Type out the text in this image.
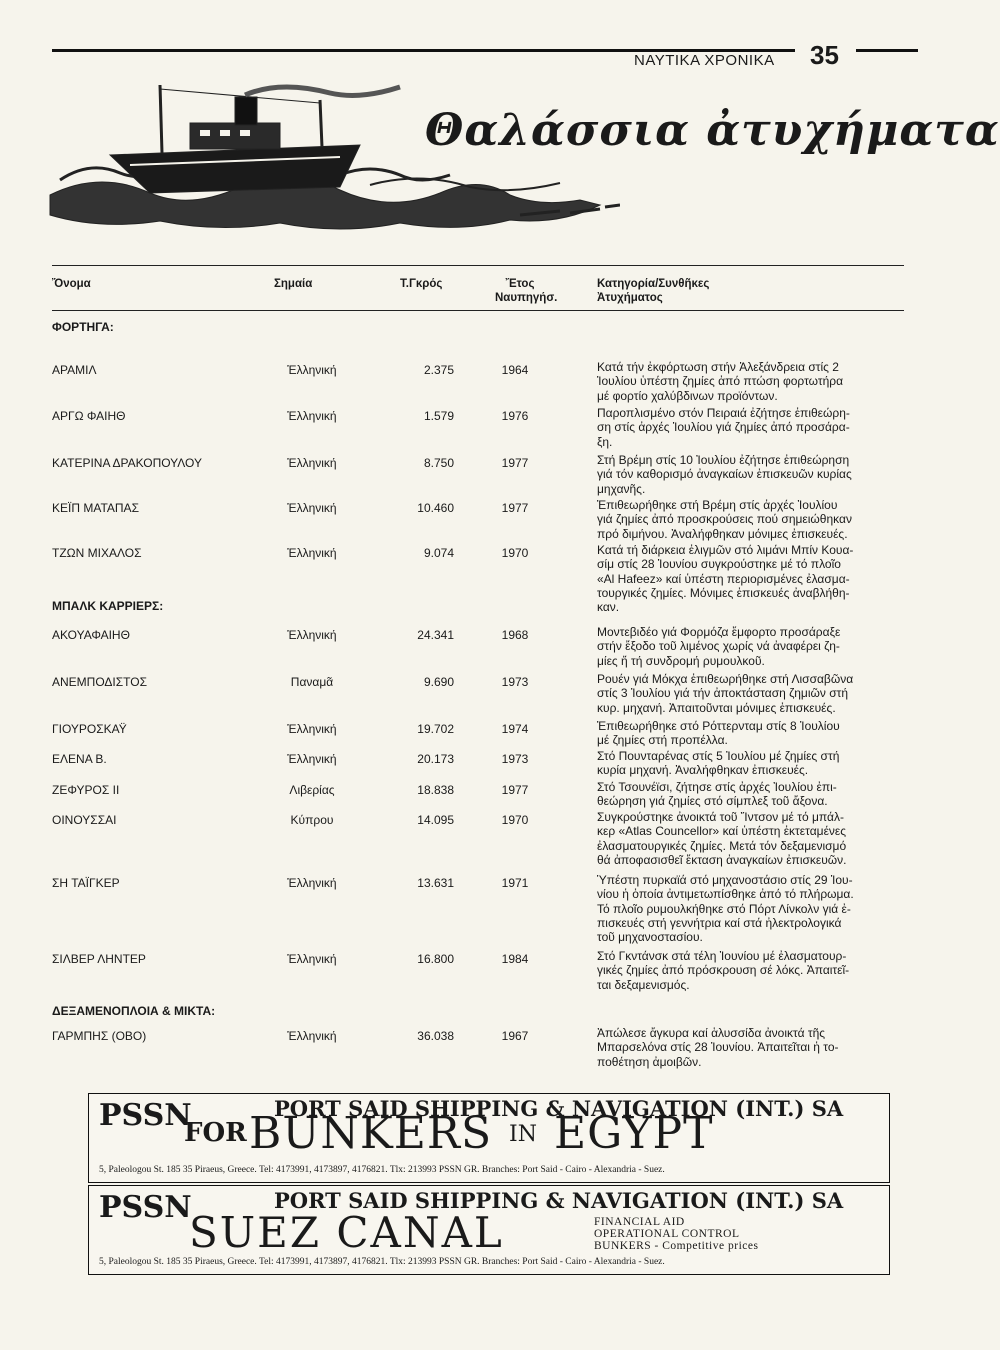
ΝΑΥΤΙΚΑ ΧΡΟΝΙΚΑ 35
Θαλάσσια ἀτυχήματα
Ὄνομα	Σημαία	Τ.Γκρός	Ἔτος
Ναυπηγήσ.
Κατηγορία/Συνθῆκες
Ἀτυχήματος
ΦΟΡΤΗΓΑ:
ΑΡΑΜΙΛ	Ἑλληνική	2.375	1964	Κατά τήν ἐκφόρτωση στήν Ἀλεξάνδρεια στίς 2
Ἰουλίου ὑπέστη ζημίες ἀπό πτώση φορτωτήρα
μέ φορτίο χαλύβδινων προϊόντων.
ΑΡΓΩ ΦΑΙΗΘ	Ἑλληνική	1.579	1976	Παροπλισμένο στόν Πειραιά ἐζήτησε ἐπιθεώρη-
ση στίς ἀρχές Ἰουλίου γιά ζημίες ἀπό προσάρα-
ξη.
ΚΑΤΕΡΙΝΑ ΔΡΑΚΟΠΟΥΛΟΥ	Ἑλληνική	8.750	1977	Στή Βρέμη στίς 10 Ἰουλίου ἐζήτησε ἐπιθεώρηση
γιά τόν καθορισμό ἀναγκαίων ἐπισκευῶν κυρίας
μηχανῆς.
ΚΕΪΠ ΜΑΤΑΠΑΣ	Ἑλληνική	10.460	1977	Ἐπιθεωρήθηκε στή Βρέμη στίς ἀρχές Ἰουλίου
γιά ζημίες ἀπό προσκρούσεις πού σημειώθηκαν
πρό διμήνου. Ἀναλήφθηκαν μόνιμες ἐπισκευές.
ΤΖΩΝ ΜΙΧΑΛΟΣ	Ἑλληνική	9.074	1970	Κατά τή διάρκεια ἐλιγμῶν στό λιμάνι Μπίν Κουα-
σίμ στίς 28 Ἰουνίου συγκρούστηκε μέ τό πλοῖο
«Al Hafeez» καί ὑπέστη περιορισμένες ἐλασμα-
τουργικές ζημίες. Μόνιμες ἐπισκευές ἀναβλήθη-
καν.
ΜΠΑΛΚ ΚΑΡΡΙΕΡΣ:
ΑΚΟΥΑΦΑΙΗΘ	Ἑλληνική	24.341	1968	Μοντεβιδέο γιά Φορμόζα ἔμφορτο προσάραξε
στήν ἔξοδο τοῦ λιμένος χωρίς νά ἀναφέρει ζη-
μίες ἤ τή συνδρομή ρυμουλκοῦ.
ΑΝΕΜΠΟΔΙΣΤΟΣ	Παναμᾶ	9.690	1973	Ρουέν γιά Μόκχα ἐπιθεωρήθηκε στή Λισσαβῶνα
στίς 3 Ἰουλίου γιά τήν ἀποκτάσταση ζημιῶν στή
κυρ. μηχανή. Ἀπαιτοῦνται μόνιμες ἐπισκευές.
ΓΙΟΥΡΟΣΚΑΫ	Ἑλληνική	19.702	1974	Ἐπιθεωρήθηκε στό Ρόττερνταμ στίς 8 Ἰουλίου
μέ ζημίες στή προπέλλα.
ΕΛΕΝΑ Β.	Ἑλληνική	20.173	1973	Στό Πουνταρένας στίς 5 Ἰουλίου μέ ζημίες στή
κυρία μηχανή. Ἀναλήφθηκαν ἐπισκευές.
ΖΕΦΥΡΟΣ ΙΙ	Λιβερίας	18.838	1977	Στό Τσουνέϊσι, ζήτησε στίς ἀρχές Ἰουλίου ἐπι-
θεώρηση γιά ζημίες στό σίμπλεξ τοῦ ἄξονα.
ΟΙΝΟΥΣΣΑΙ	Κύπρου	14.095	1970	Συγκρούστηκε ἀνοικτά τοῦ Ἴντσον μέ τό μπάλ-
κερ «Atlas Councellor» καί ὑπέστη ἐκτεταμένες
ἐλασματουργικές ζημίες. Μετά τόν δεξαμενισμό
θά ἀποφασισθεῖ ἔκταση ἀναγκαίων ἐπισκευῶν.
ΣΗ ΤΑΪΓΚΕΡ	Ἑλληνική	13.631	1971	Ὑπέστη πυρκαϊά στό μηχανοστάσιο στίς 29 Ἰου-
νίου ἡ ὁποία ἀντιμετωπίσθηκε ἀπό τό πλήρωμα.
Τό πλοῖο ρυμουλκήθηκε στό Πόρτ Λίνκολν γιά ἐ-
πισκευές στή γεννήτρια καί στά ἠλεκτρολογικά
τοῦ μηχανοστασίου.
ΣΙΛΒΕΡ ΛΗΝΤΕΡ	Ἑλληνική	16.800	1984	Στό Γκντάνσκ στά τέλη Ἰουνίου μέ ἐλασματουρ-
γικές ζημίες ἀπό πρόσκρουση σέ λόκς. Ἀπαιτεῖ-
ται δεξαμενισμός.
ΔΕΞΑΜΕΝΟΠΛΟΙΑ & ΜΙΚΤΑ:
ΓΑΡΜΠΗΣ (ΟΒΟ)	Ἑλληνική	36.038	1967	Ἀπώλεσε ἄγκυρα καί ἁλυσσίδα ἀνοικτά τῆς
Μπαρσελόνα στίς 28 Ἰουνίου. Ἀπαιτεῖται ἡ το-
ποθέτηση ἀμοιβῶν.
PSSN	PORT SAID SHIPPING & NAVIGATION (INT.) SA
FOR BUNKERS IN EGYPT
5, Paleologou St. 185 35 Piraeus, Greece. Tel: 4173991, 4173897, 4176821. Tlx: 213993 PSSN GR. Branches: Port Said - Cairo - Alexandria - Suez.
PSSN	PORT SAID SHIPPING & NAVIGATION (INT.) SA
SUEZ CANAL	FINANCIAL AID
OPERATIONAL CONTROL
BUNKERS - Competitive prices
5, Paleologou St. 185 35 Piraeus, Greece. Tel: 4173991, 4173897, 4176821. Tlx: 213993 PSSN GR. Branches: Port Said - Cairo - Alexandria - Suez.
